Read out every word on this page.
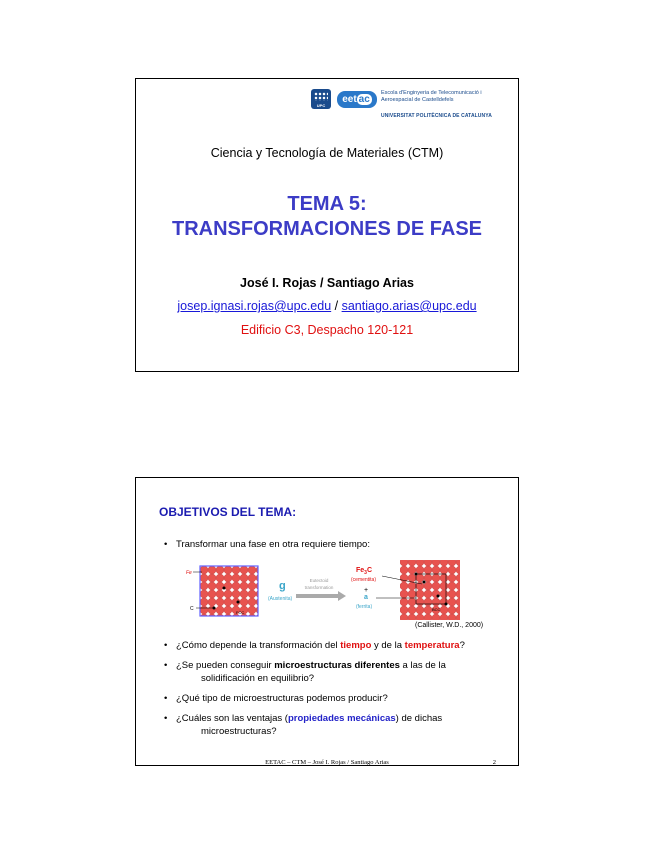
UPC
eet ac
Escola d'Enginyeria de Telecomunicació i Aeroespacial de Castelldefels
UNIVERSITAT POLITÈCNICA DE CATALUNYA
Ciencia y Tecnología de Materiales (CTM)
TEMA 5:
TRANSFORMACIONES DE FASE
José I. Rojas / Santiago Arias
josep.ignasi.rojas@upc.edu / santiago.arias@upc.edu
Edificio C3, Despacho 120-121
OBJETIVOS DEL TEMA:
• Transformar una fase en otra requiere tiempo:
Fe
C
FCC
g
(Austenita)
Eutectoid
transformation
$Fe_3C$
(cementita)
+
a
(ferrita)	BCC
(Callister, W.D., 2000)
• ¿Cómo depende la transformación del tiempo y de la temperatura?
• ¿Se pueden conseguir microestructuras diferentes a las de la
solidificación en equilibrio?
• ¿Qué tipo de microestructuras podemos producir?
• ¿Cuáles son las ventajas (propiedades mecánicas) de dichas
microestructuras?
EETAC – CTM – José I. Rojas / Santiago Arias	2
